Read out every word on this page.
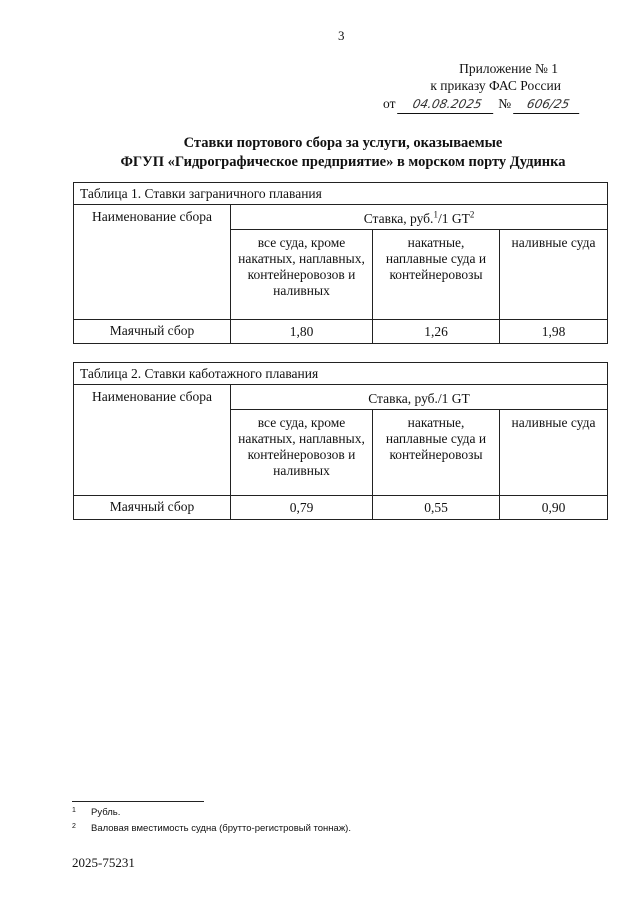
3
Приложение № 1
к приказу ФАС России
от 04.08.2025 № 606/25
Ставки портового сбора за услуги, оказываемые
ФГУП «Гидрографическое предприятие» в морском порту Дудинка
Таблица 1. Ставки заграничного плавания			
Наименование сбора	Ставка, руб.$^1$/1 $GT^2$
	все суда, кроме накатных, наплавных, контейнеровозов и наливных	накатные, наплавные суда и контейнеровозы	наливные суда
Маячный сбор	1,80	1,26	1,98
Таблица 2. Ставки каботажного плавания			
Наименование сбора	Ставка, руб./1 GT		
	все суда, кроме накатных, наплавных, контейнеровозов и наливных	накатные, наплавные суда и контейнеровозы	наливные суда
Маячный сбор	0,79	0,55	0,90
1 Рубль.
2 Валовая вместимость судна (брутто-регистровый тоннаж).
2025-75231
